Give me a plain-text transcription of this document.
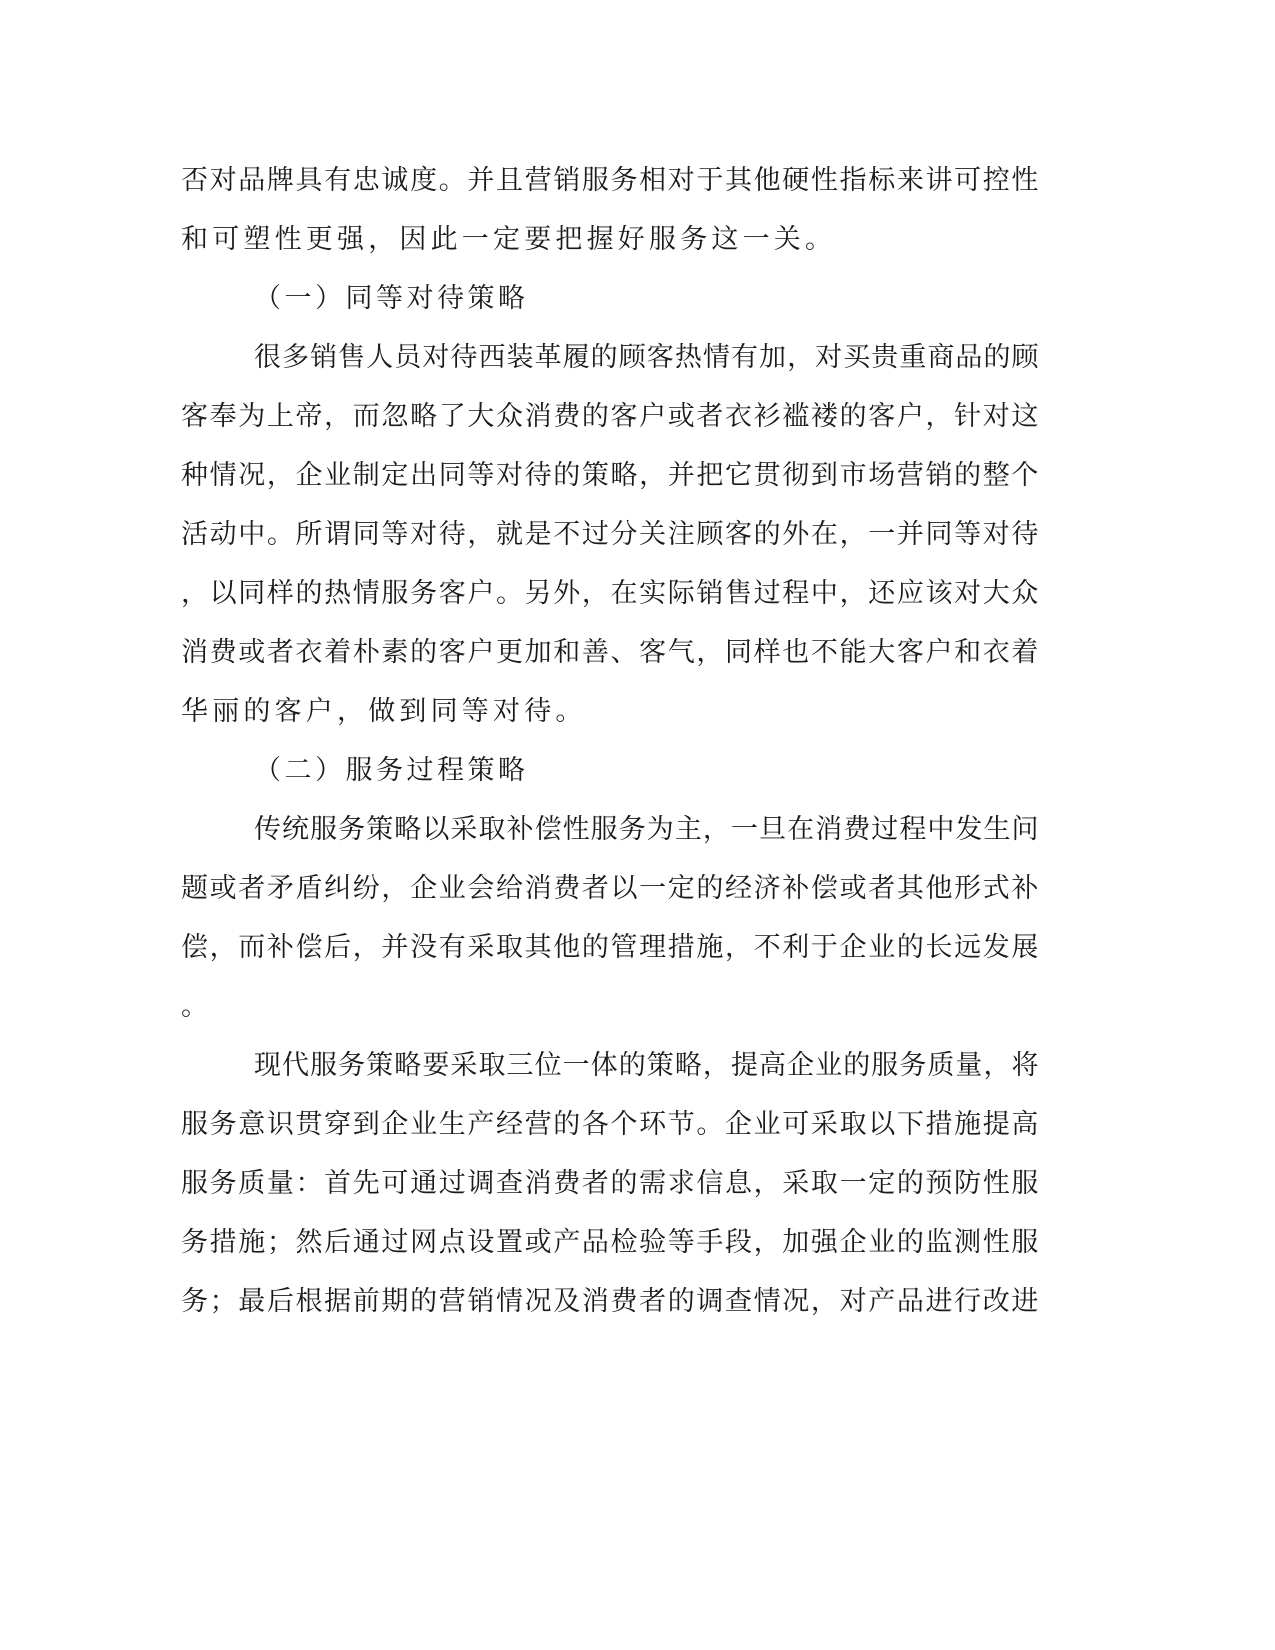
否对品牌具有忠诚度。并且营销服务相对于其他硬性指标来讲可控性
和可塑性更强，因此一定要把握好服务这一关。
（一）同等对待策略
很多销售人员对待西装革履的顾客热情有加，对买贵重商品的顾
客奉为上帝，而忽略了大众消费的客户或者衣衫褴褛的客户，针对这
种情况，企业制定出同等对待的策略，并把它贯彻到市场营销的整个
活动中。所谓同等对待，就是不过分关注顾客的外在，一并同等对待
，以同样的热情服务客户。另外，在实际销售过程中，还应该对大众
消费或者衣着朴素的客户更加和善、客气，同样也不能大客户和衣着
华丽的客户，做到同等对待。
（二）服务过程策略
传统服务策略以采取补偿性服务为主，一旦在消费过程中发生问
题或者矛盾纠纷，企业会给消费者以一定的经济补偿或者其他形式补
偿，而补偿后，并没有采取其他的管理措施，不利于企业的长远发展
。
现代服务策略要采取三位一体的策略，提高企业的服务质量，将
服务意识贯穿到企业生产经营的各个环节。企业可采取以下措施提高
服务质量：首先可通过调查消费者的需求信息，采取一定的预防性服
务措施；然后通过网点设置或产品检验等手段，加强企业的监测性服
务；最后根据前期的营销情况及消费者的调查情况，对产品进行改进
